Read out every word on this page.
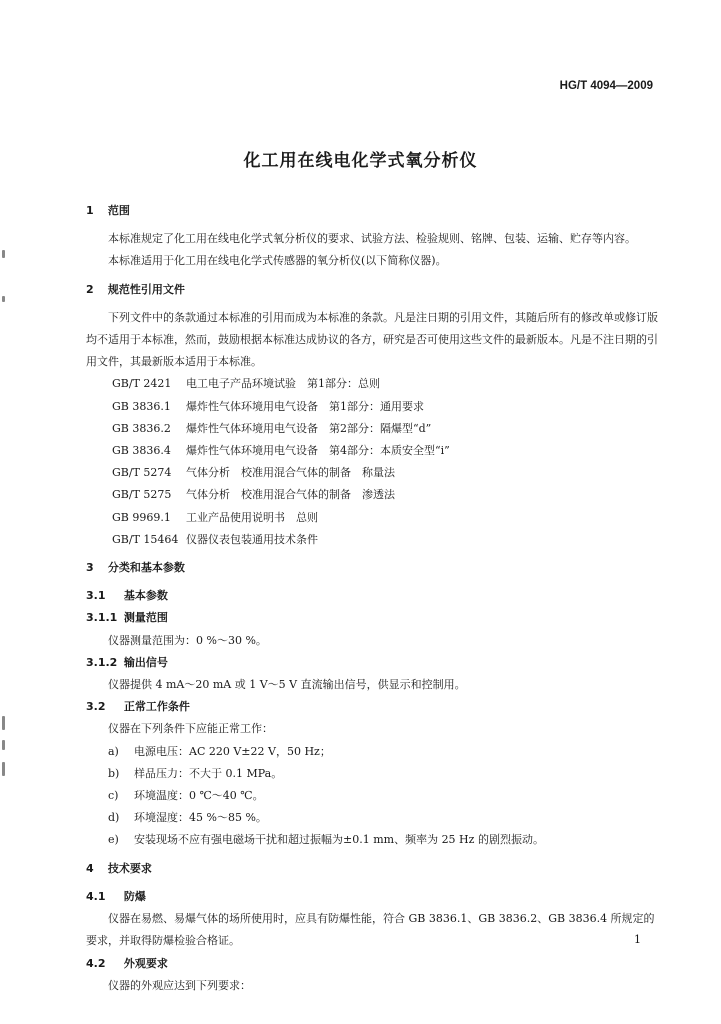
HG/T 4094—2009
化工用在线电化学式氧分析仪
1 范围

本标准规定了化工用在线电化学式氧分析仪的要求、试验方法、检验规则、铭牌、包装、运输、贮存等内容。

本标准适用于化工用在线电化学式传感器的氧分析仪(以下简称仪器)。

2 规范性引用文件

下列文件中的条款通过本标准的引用而成为本标准的条款。凡是注日期的引用文件，其随后所有的修改单或修订版均不适用于本标准，然而，鼓励根据本标准达成协议的各方，研究是否可使用这些文件的最新版本。凡是不注日期的引用文件，其最新版本适用于本标准。

GB/T 2421 电工电子产品环境试验　第1部分：总则
GB 3836.1 爆炸性气体环境用电气设备　第1部分：通用要求
GB 3836.2 爆炸性气体环境用电气设备　第2部分：隔爆型“d”
GB 3836.4 爆炸性气体环境用电气设备　第4部分：本质安全型“i”
GB/T 5274 气体分析　校准用混合气体的制备　称量法
GB/T 5275 气体分析　校准用混合气体的制备　渗透法
GB 9969.1 工业产品使用说明书　总则
GB/T 15464 仪器仪表包装通用技术条件
3 分类和基本参数
3.1 基本参数
3.1.1 测量范围

仪器测量范围为：0 %～30 %。

3.1.2 输出信号

仪器提供 4 mA～20 mA 或 1 V～5 V 直流输出信号，供显示和控制用。

3.2 正常工作条件

仪器在下列条件下应能正常工作：

a) 电源电压：AC 220 V±22 V，50 Hz；
b) 样品压力：不大于 0.1 MPa。
c) 环境温度：0 ℃～40 ℃。
d) 环境湿度：45 %～85 %。
e) 安装现场不应有强电磁场干扰和超过振幅为±0.1 mm、频率为 25 Hz 的剧烈振动。
4 技术要求
4.1 防爆

仪器在易燃、易爆气体的场所使用时，应具有防爆性能，符合 GB 3836.1、GB 3836.2、GB 3836.4 所规定的要求，并取得防爆检验合格证。

4.2 外观要求

仪器的外观应达到下列要求：

1
